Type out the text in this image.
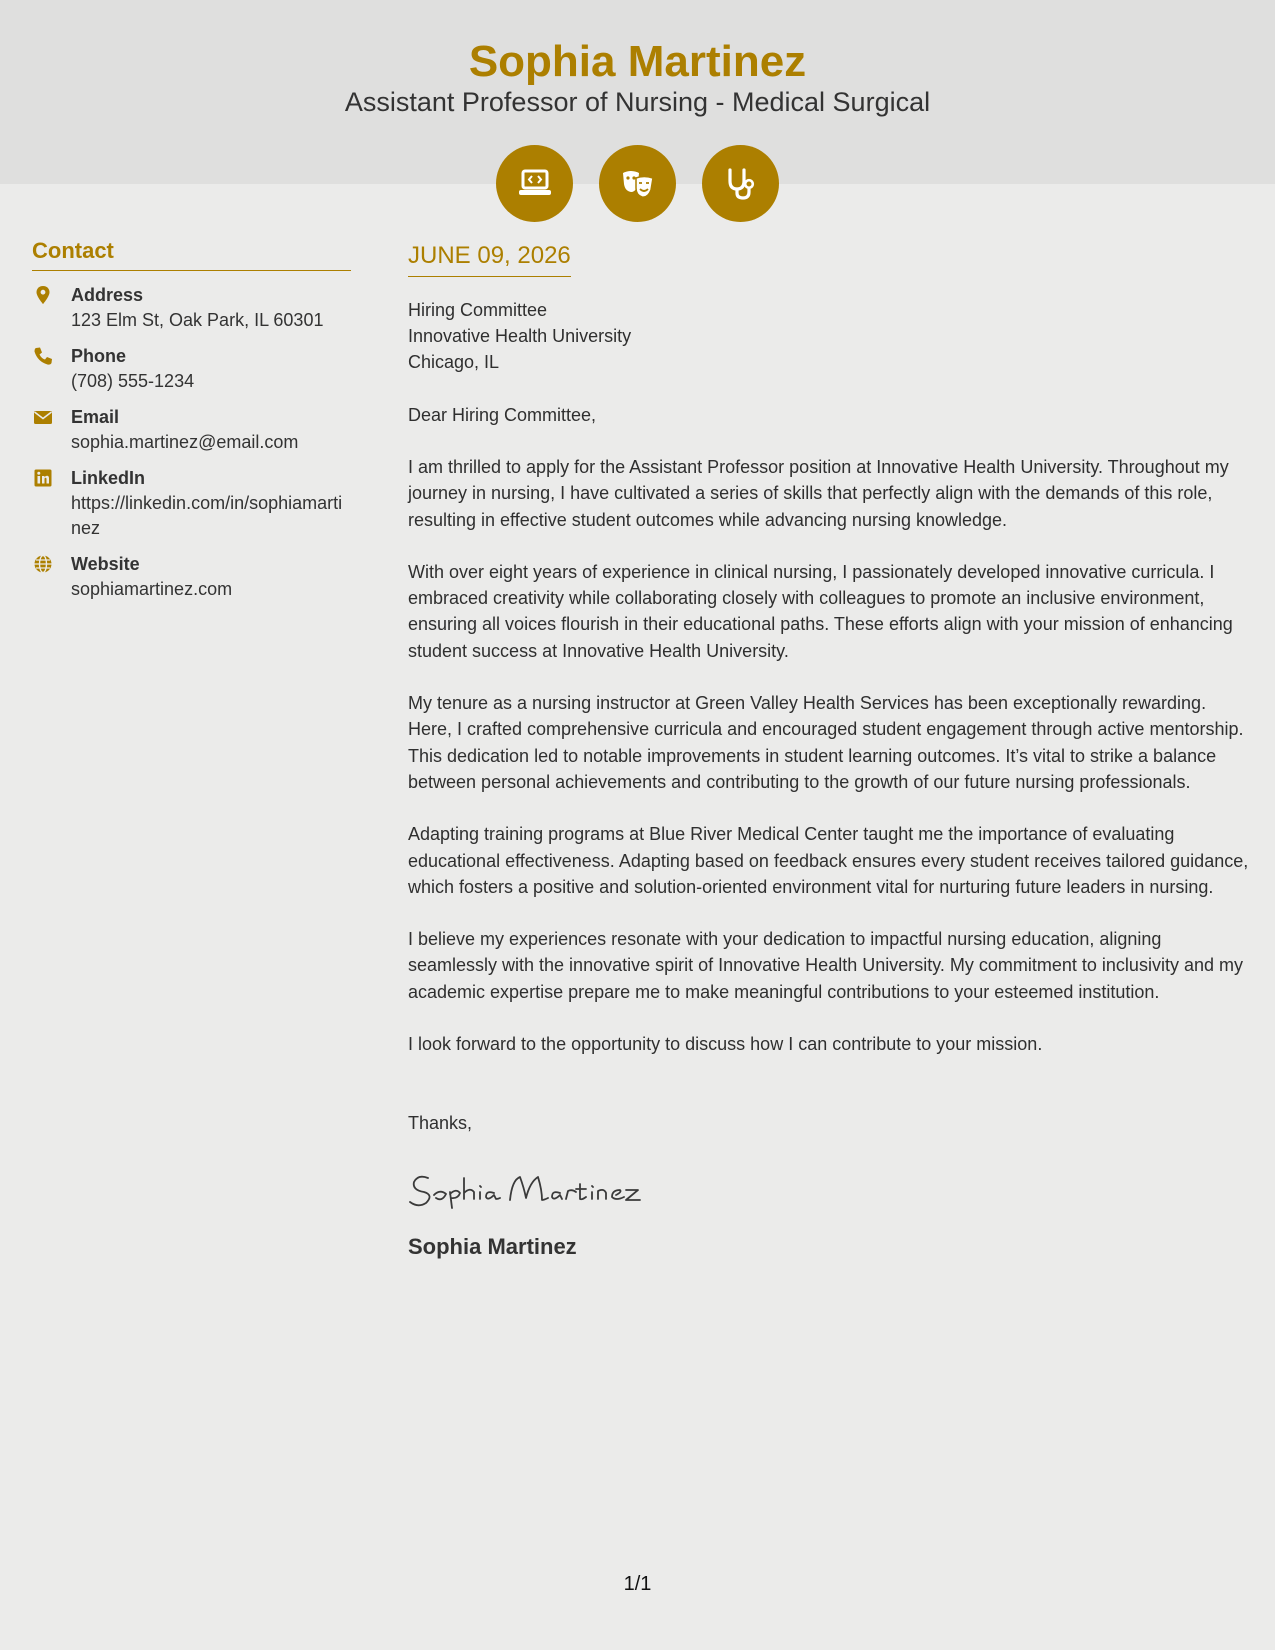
Sophia Martinez
Assistant Professor of Nursing - Medical Surgical
Contact
Address
123 Elm St, Oak Park, IL 60301
Phone
(708) 555-1234
Email
sophia.martinez@email.com
LinkedIn
https://linkedin.com/in/sophiamartinez
Website
sophiamartinez.com
JUNE 09, 2026
Hiring Committee
Innovative Health University
Chicago, IL
Dear Hiring Committee,
I am thrilled to apply for the Assistant Professor position at Innovative Health University. Throughout my journey in nursing, I have cultivated a series of skills that perfectly align with the demands of this role, resulting in effective student outcomes while advancing nursing knowledge.
With over eight years of experience in clinical nursing, I passionately developed innovative curricula. I embraced creativity while collaborating closely with colleagues to promote an inclusive environment, ensuring all voices flourish in their educational paths. These efforts align with your mission of enhancing student success at Innovative Health University.
My tenure as a nursing instructor at Green Valley Health Services has been exceptionally rewarding. Here, I crafted comprehensive curricula and encouraged student engagement through active mentorship. This dedication led to notable improvements in student learning outcomes. It’s vital to strike a balance between personal achievements and contributing to the growth of our future nursing professionals.
Adapting training programs at Blue River Medical Center taught me the importance of evaluating educational effectiveness. Adapting based on feedback ensures every student receives tailored guidance, which fosters a positive and solution-oriented environment vital for nurturing future leaders in nursing.
I believe my experiences resonate with your dedication to impactful nursing education, aligning seamlessly with the innovative spirit of Innovative Health University. My commitment to inclusivity and my academic expertise prepare me to make meaningful contributions to your esteemed institution.
I look forward to the opportunity to discuss how I can contribute to your mission.
Thanks,
Sophia Martinez
1/1
